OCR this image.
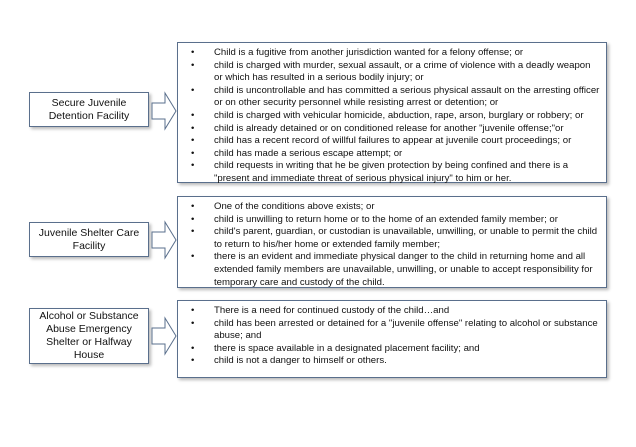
Secure Juvenile Detention Facility
• Child is a fugitive from another jurisdiction wanted for a felony offense; or
• child is charged with murder, sexual assault, or a crime of violence with a deadly weapon or which has resulted in a serious bodily injury; or
• child is uncontrollable and has committed a serious physical assault on the arresting officer or on other security personnel while resisting arrest or detention; or
• child is charged with vehicular homicide, abduction, rape, arson, burglary or robbery; or
• child is already detained or on conditioned release for another "juvenile offense;"or
• child has a recent record of willful failures to appear at juvenile court proceedings; or
• child has made a serious escape attempt; or
• child requests in writing that he be given protection by being confined and there is a "present and immediate threat of serious physical injury" to him or her.
Juvenile Shelter Care Facility
• One of the conditions above exists; or
• child is unwilling to return home or to the home of an extended family member; or
• child's parent, guardian, or custodian is unavailable, unwilling, or unable to permit the child to return to his/her home or extended family member;
• there is an evident and immediate physical danger to the child in returning home and all extended family members are unavailable, unwilling, or unable to accept responsibility for temporary care and custody of the child.
Alcohol or Substance Abuse Emergency Shelter or Halfway House
• There is a need for continued custody of the child…and
• child has been arrested or detained for a "juvenile offense" relating to alcohol or substance abuse; and
• there is space available in a designated placement facility; and
• child is not a danger to himself or others.
